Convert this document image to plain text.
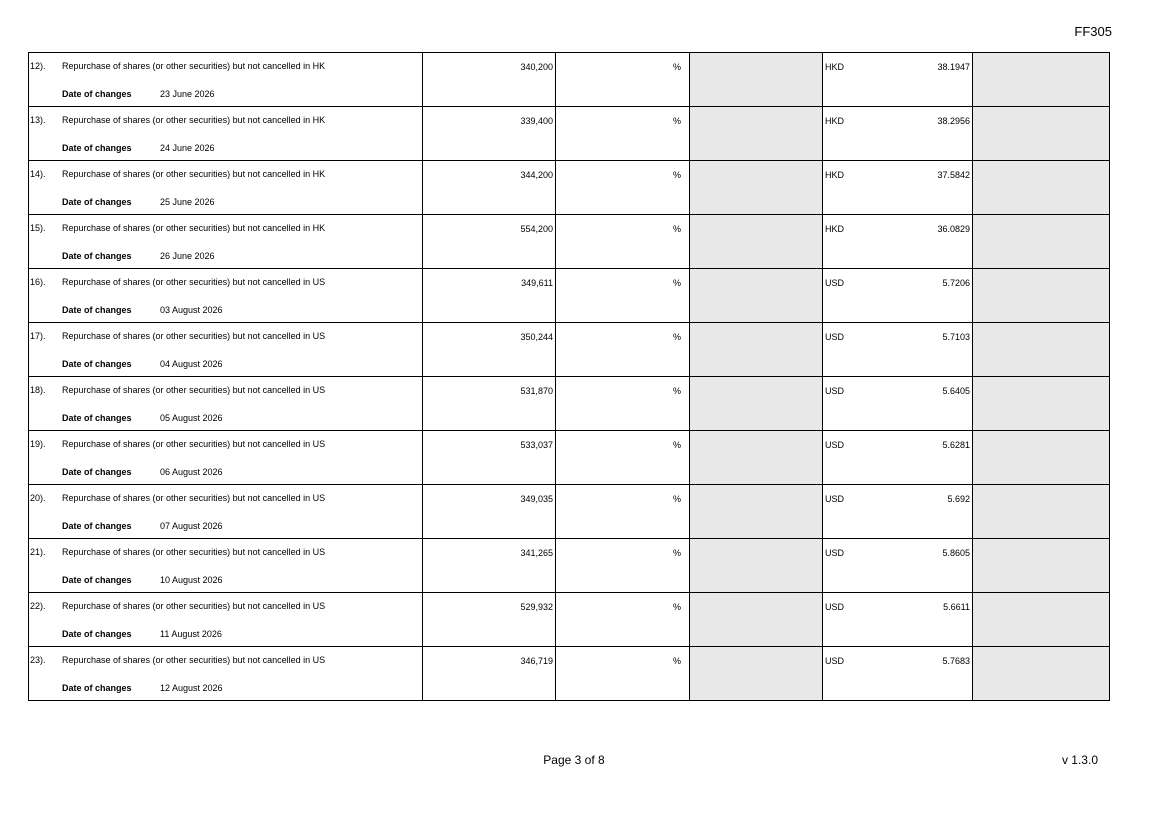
FF305
12). Repurchase of shares (or other securities) but not cancelled in HK
Date of changes 23 June 2026	340,200	%		HKD 38.1947	

13). Repurchase of shares (or other securities) but not cancelled in HK
Date of changes 24 June 2026	339,400	%		HKD 38.2956	

14). Repurchase of shares (or other securities) but not cancelled in HK
Date of changes 25 June 2026	344,200	%		HKD 37.5842	

15). Repurchase of shares (or other securities) but not cancelled in HK
Date of changes 26 June 2026	554,200	%		HKD 36.0829	

16). Repurchase of shares (or other securities) but not cancelled in US
Date of changes 03 August 2026	349,611	%		USD 5.7206	

17). Repurchase of shares (or other securities) but not cancelled in US
Date of changes 04 August 2026	350,244	%		USD 5.7103	

18). Repurchase of shares (or other securities) but not cancelled in US
Date of changes 05 August 2026	531,870	%		USD 5.6405	

19). Repurchase of shares (or other securities) but not cancelled in US
Date of changes 06 August 2026	533,037	%		USD 5.6281	

20). Repurchase of shares (or other securities) but not cancelled in US
Date of changes 07 August 2026	349,035	%		USD 5.692	

21). Repurchase of shares (or other securities) but not cancelled in US
Date of changes 10 August 2026	341,265	%		USD 5.8605	

22). Repurchase of shares (or other securities) but not cancelled in US
Date of changes 11 August 2026	529,932	%		USD 5.6611	

23). Repurchase of shares (or other securities) but not cancelled in US
Date of changes 12 August 2026	346,719	%		USD 5.7683	

Page 3 of 8	v 1.3.0
